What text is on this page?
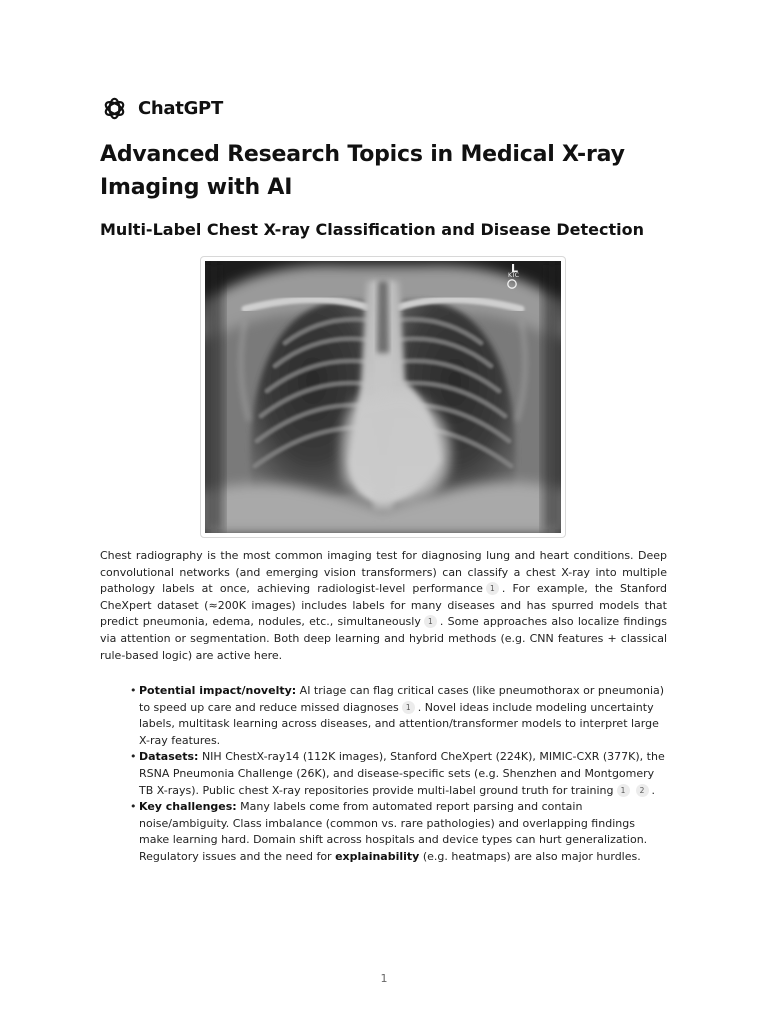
ChatGPT
Advanced Research Topics in Medical X-ray Imaging with AI
Multi-Label Chest X-ray Classification and Disease Detection
L
KTC

Chest radiography is the most common imaging test for diagnosing lung and heart conditions. Deep convolutional networks (and emerging vision transformers) can classify a chest X-ray into multiple pathology labels at once, achieving radiologist-level performance 1 . For example, the Stanford CheXpert dataset (≈200K images) includes labels for many diseases and has spurred models that predict pneumonia, edema, nodules, etc., simultaneously 1 . Some approaches also localize findings via attention or segmentation. Both deep learning and hybrid methods (e.g. CNN features + classical rule-based logic) are active here.

• Potential impact/novelty: AI triage can flag critical cases (like pneumothorax or pneumonia) to speed up care and reduce missed diagnoses 1 . Novel ideas include modeling uncertainty labels, multitask learning across diseases, and attention/transformer models to interpret large X-ray features.
• Datasets: NIH ChestX-ray14 (112K images), Stanford CheXpert (224K), MIMIC-CXR (377K), the RSNA Pneumonia Challenge (26K), and disease-specific sets (e.g. Shenzhen and Montgomery TB X-rays). Public chest X-ray repositories provide multi-label ground truth for training 1 2 .
• Key challenges: Many labels come from automated report parsing and contain noise/ambiguity. Class imbalance (common vs. rare pathologies) and overlapping findings make learning hard. Domain shift across hospitals and device types can hurt generalization. Regulatory issues and the need for explainability (e.g. heatmaps) are also major hurdles.
1
